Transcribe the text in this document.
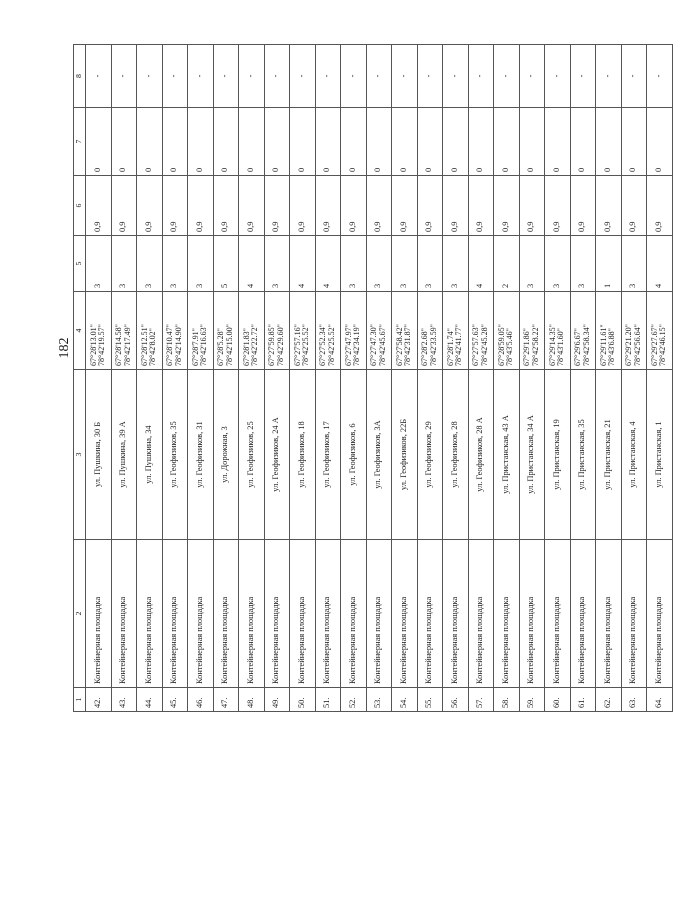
182
1	2	3	4	5	6	7	8
42.	Контейнерная площадка	ул. Пушкина, 30 Б	67°28'13.01" 78°42'19.57"	3	0,9	0	-
43.	Контейнерная площадка	ул. Пушкина, 39 А	67°28'14.58" 78°42'17.49"	3	0,9	0	-
44.	Контейнерная площадка	ул. Пушкина, 34	67°28'12.51" 78°42'8.02"	3	0,9	0	-
45.	Контейнерная площадка	ул. Геофизиков, 35	67°28'10.47" 78°42'14.90"	3	0,9	0	-
46.	Контейнерная площадка	ул. Геофизиков, 31	67°28'7.91" 78°42'16.63"	3	0,9	0	-
47.	Контейнерная площадка	ул. Дорожная, 3	67°28'5.28" 78°42'15.00"	5	0,9	0	-
48.	Контейнерная площадка	ул. Геофизиков, 25	67°28'1.83" 78°42'22.72"	4	0,9	0	-
49.	Контейнерная площадка	ул. Геофизиков, 24 А	67°27'59.85" 78°42'29.60"	3	0,9	0	-
50.	Контейнерная площадка	ул. Геофизиков, 18	67°27'57.16" 78°42'25.52"	4	0,9	0	-
51.	Контейнерная площадка	ул. Геофизиков, 17	67°27'52.34" 78°42'25.52"	4	0,9	0	-
52.	Контейнерная площадка	ул. Геофизиков, 6	67°27'47.97" 78°42'34.19"	3	0,9	0	-
53.	Контейнерная площадка	ул. Геофизиков, 3А	67°27'47.30" 78°42'45.67"	3	0,9	0	-
54.	Контейнерная площадка	ул. Геофизиков, 22Б	67°27'58.42" 78°42'31.87"	3	0,9	0	-
55.	Контейнерная площадка	ул. Геофизиков, 29	67°28'2.68" 78°42'33.59"	3	0,9	0	-
56.	Контейнерная площадка	ул. Геофизиков, 28	67°28'1.74" 78°42'41.77"	3	0,9	0	-
57.	Контейнерная площадка	ул. Геофизиков, 28 А	67°27'57.63" 78°42'45.28"	4	0,9	0	-
58.	Контейнерная площадка	ул. Пристанская, 43 А	67°28'59.05" 78°43'5.46"	2	0,9	0	-
59.	Контейнерная площадка	ул. Пристанская, 34 А	67°29'1.86" 78°42'58.22"	3	0,9	0	-
60.	Контейнерная площадка	ул. Пристанская, 19	67°29'14.35" 78°43'1.60"	3	0,9	0	-
61.	Контейнерная площадка	ул. Пристанская, 35	67°29'6.67" 78°42'58.34"	3	0,9	0	-
62.	Контейнерная площадка	ул. Пристанская, 21	67°29'11.61" 78°43'6.88"	1	0,9	0	-
63.	Контейнерная площадка	ул. Пристанская, 4	67°29'21.20" 78°42'56.64"	3	0,9	0	-
64.	Контейнерная площадка	ул. Пристанская, 1	67°29'27.67" 78°42'46.15"	4	0,9	0	-
